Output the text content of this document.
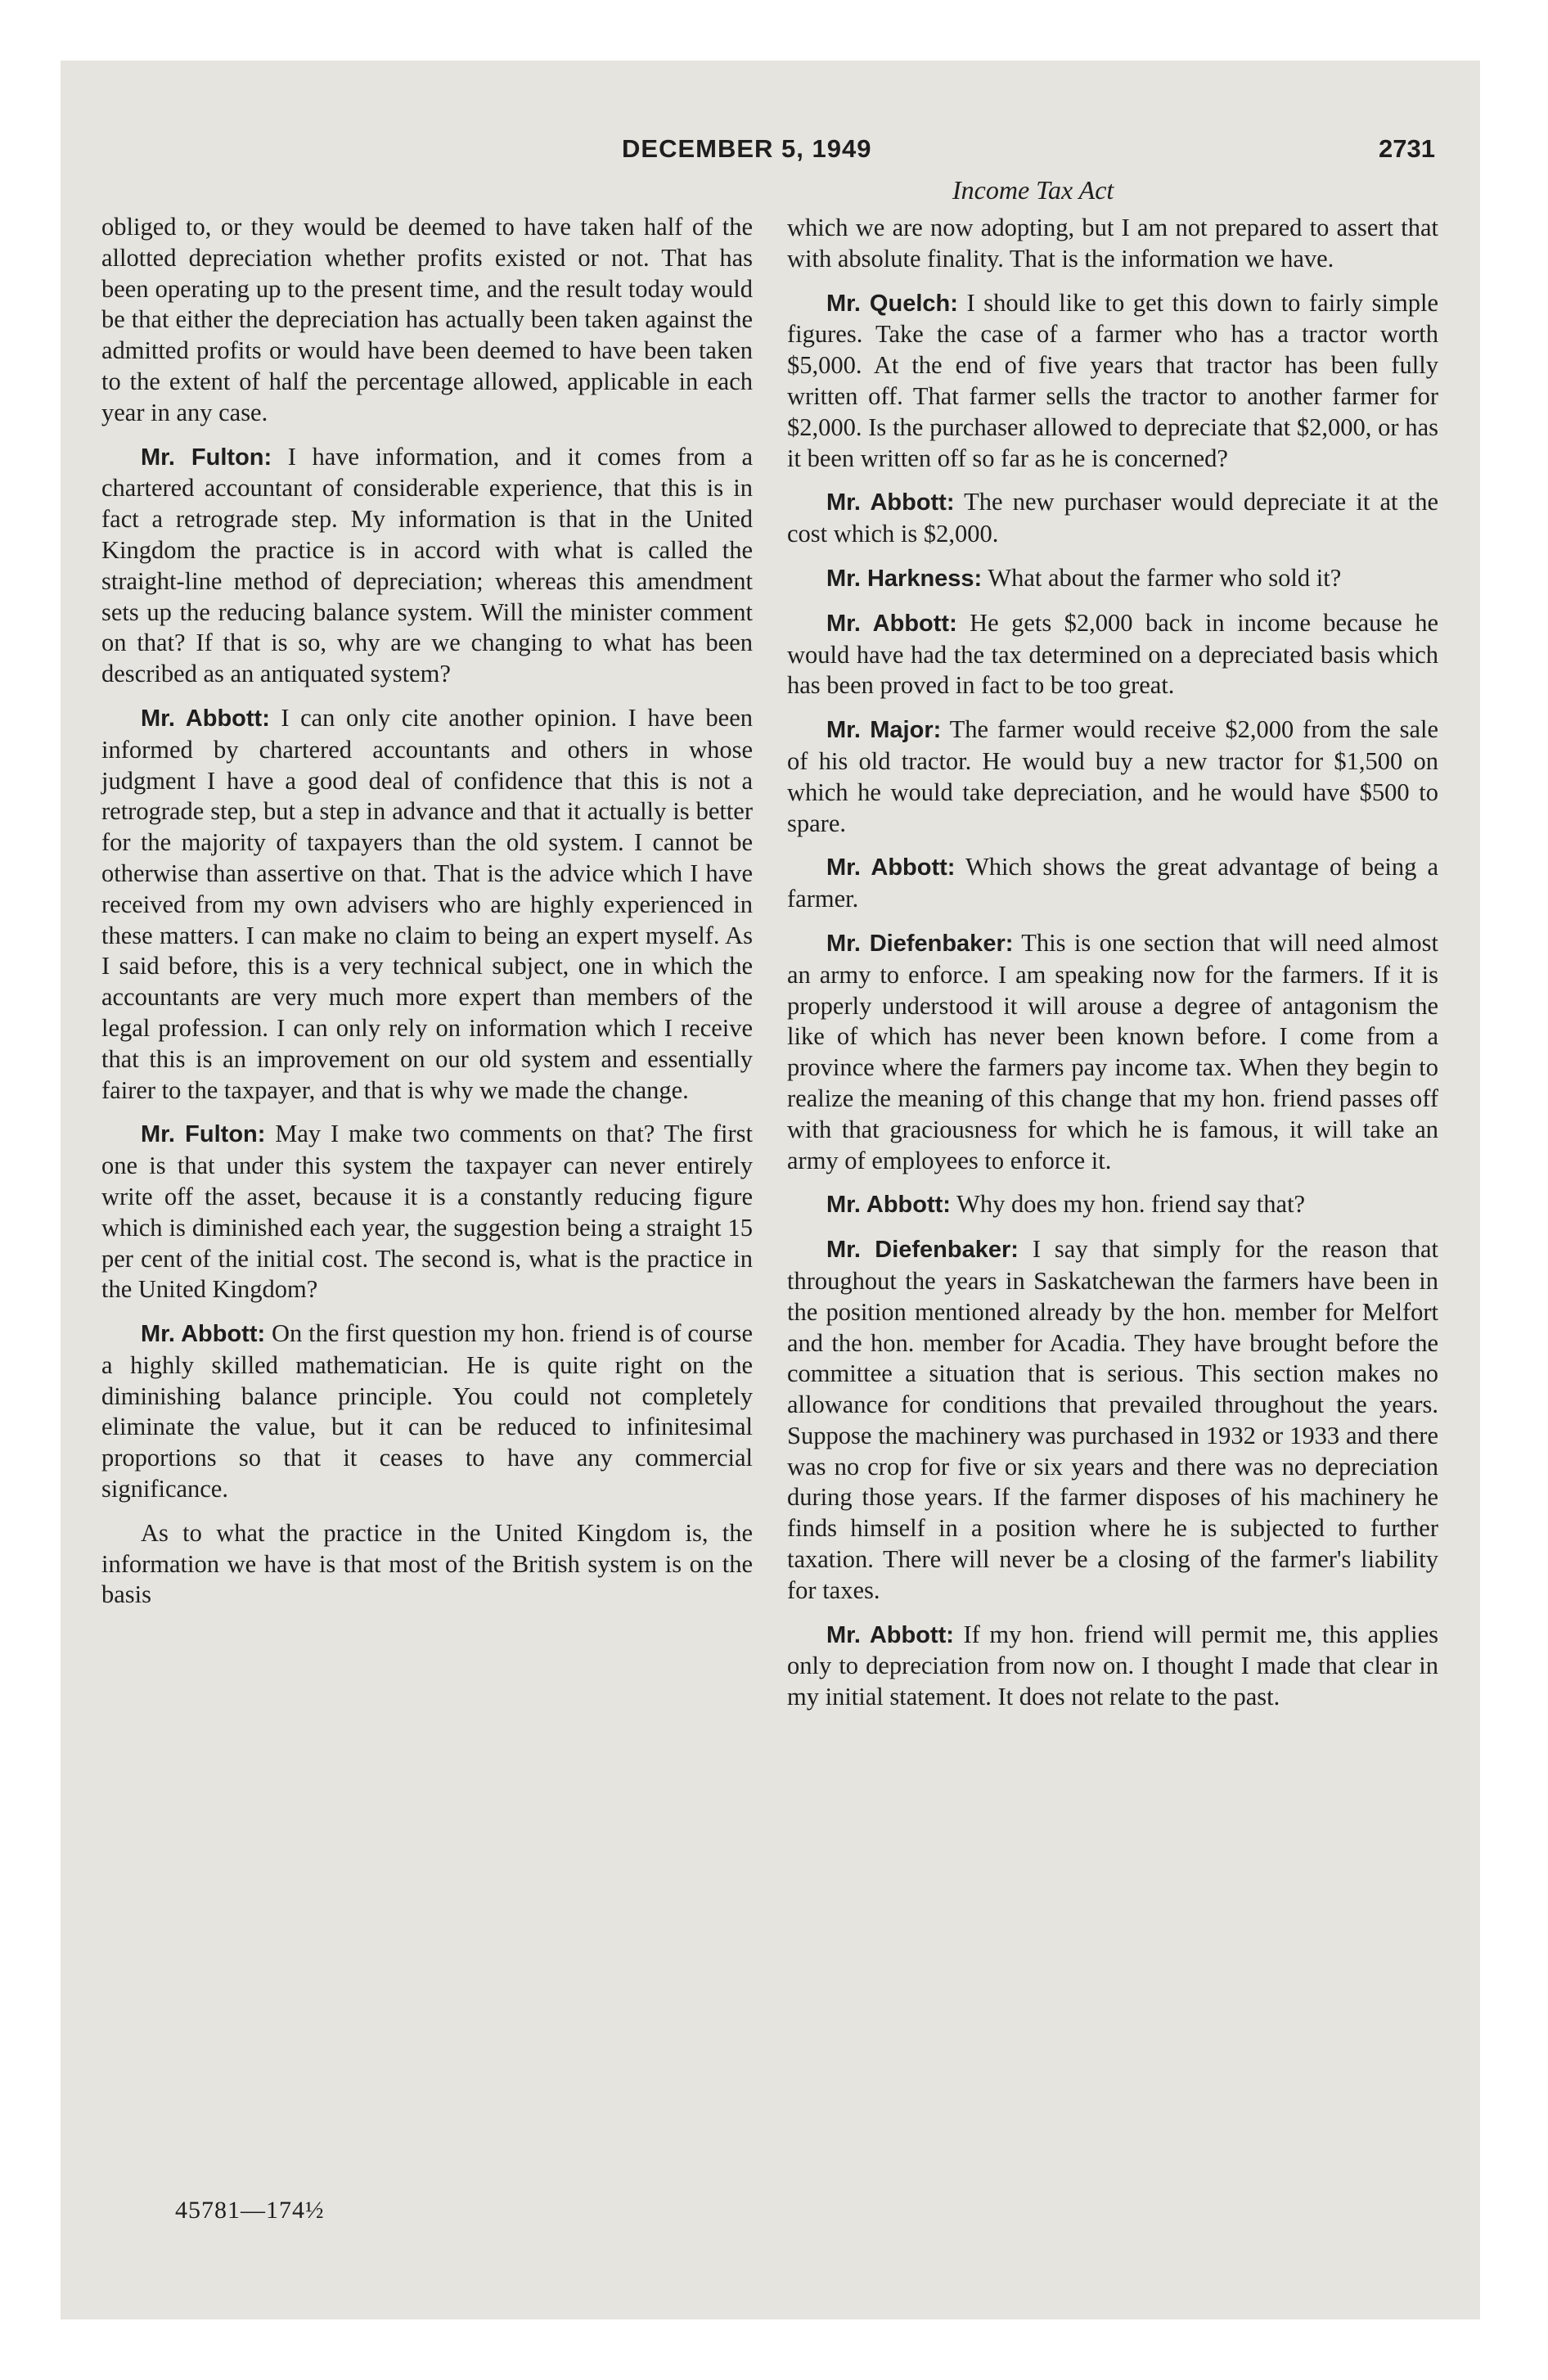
DECEMBER 5, 1949	2731
Income Tax Act

obliged to, or they would be deemed to have taken half of the allotted depreciation whether profits existed or not. That has been operating up to the present time, and the result today would be that either the depreciation has actually been taken against the admitted profits or would have been deemed to have been taken to the extent of half the percentage allowed, applicable in each year in any case.

Mr. Fulton: I have information, and it comes from a chartered accountant of considerable experience, that this is in fact a retrograde step. My information is that in the United Kingdom the practice is in accord with what is called the straight-line method of depreciation; whereas this amendment sets up the reducing balance system. Will the minister comment on that? If that is so, why are we changing to what has been described as an antiquated system?

Mr. Abbott: I can only cite another opinion. I have been informed by chartered accountants and others in whose judgment I have a good deal of confidence that this is not a retrograde step, but a step in advance and that it actually is better for the majority of taxpayers than the old system. I cannot be otherwise than assertive on that. That is the advice which I have received from my own advisers who are highly experienced in these matters. I can make no claim to being an expert myself. As I said before, this is a very technical subject, one in which the accountants are very much more expert than members of the legal profession. I can only rely on information which I receive that this is an improvement on our old system and essentially fairer to the taxpayer, and that is why we made the change.

Mr. Fulton: May I make two comments on that? The first one is that under this system the taxpayer can never entirely write off the asset, because it is a constantly reducing figure which is diminished each year, the suggestion being a straight 15 per cent of the initial cost. The second is, what is the practice in the United Kingdom?

Mr. Abbott: On the first question my hon. friend is of course a highly skilled mathematician. He is quite right on the diminishing balance principle. You could not completely eliminate the value, but it can be reduced to infinitesimal proportions so that it ceases to have any commercial significance.

As to what the practice in the United Kingdom is, the information we have is that most of the British system is on the basis

which we are now adopting, but I am not prepared to assert that with absolute finality. That is the information we have.

Mr. Quelch: I should like to get this down to fairly simple figures. Take the case of a farmer who has a tractor worth $5,000. At the end of five years that tractor has been fully written off. That farmer sells the tractor to another farmer for $2,000. Is the purchaser allowed to depreciate that $2,000, or has it been written off so far as he is concerned?

Mr. Abbott: The new purchaser would depreciate it at the cost which is $2,000.

Mr. Harkness: What about the farmer who sold it?

Mr. Abbott: He gets $2,000 back in income because he would have had the tax determined on a depreciated basis which has been proved in fact to be too great.

Mr. Major: The farmer would receive $2,000 from the sale of his old tractor. He would buy a new tractor for $1,500 on which he would take depreciation, and he would have $500 to spare.

Mr. Abbott: Which shows the great advantage of being a farmer.

Mr. Diefenbaker: This is one section that will need almost an army to enforce. I am speaking now for the farmers. If it is properly understood it will arouse a degree of antagonism the like of which has never been known before. I come from a province where the farmers pay income tax. When they begin to realize the meaning of this change that my hon. friend passes off with that graciousness for which he is famous, it will take an army of employees to enforce it.

Mr. Abbott: Why does my hon. friend say that?

Mr. Diefenbaker: I say that simply for the reason that throughout the years in Saskatchewan the farmers have been in the position mentioned already by the hon. member for Melfort and the hon. member for Acadia. They have brought before the committee a situation that is serious. This section makes no allowance for conditions that prevailed throughout the years. Suppose the machinery was purchased in 1932 or 1933 and there was no crop for five or six years and there was no depreciation during those years. If the farmer disposes of his machinery he finds himself in a position where he is subjected to further taxation. There will never be a closing of the farmer's liability for taxes.

Mr. Abbott: If my hon. friend will permit me, this applies only to depreciation from now on. I thought I made that clear in my initial statement. It does not relate to the past.

45781—174½
